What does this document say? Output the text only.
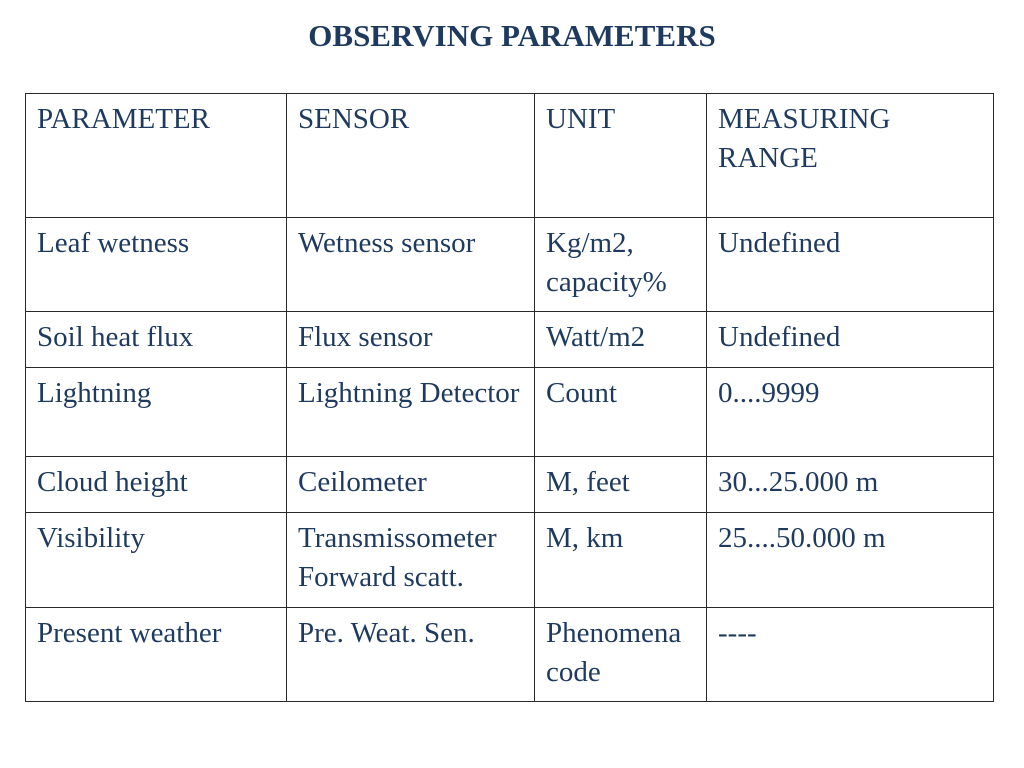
OBSERVING PARAMETERS
PARAMETER	SENSOR	UNIT	MEASURING RANGE

Leaf wetness	Wetness sensor	Kg/m2, capacity%	Undefined

Soil heat flux	Flux sensor	Watt/m2	Undefined

Lightning	Lightning Detector	Count	0....9999

Cloud height	Ceilometer	M, feet	30...25.000 m

Visibility	Transmissometer Forward scatt.	M, km	25....50.000 m

Present weather	Pre. Weat. Sen.	Phenomena code	----
